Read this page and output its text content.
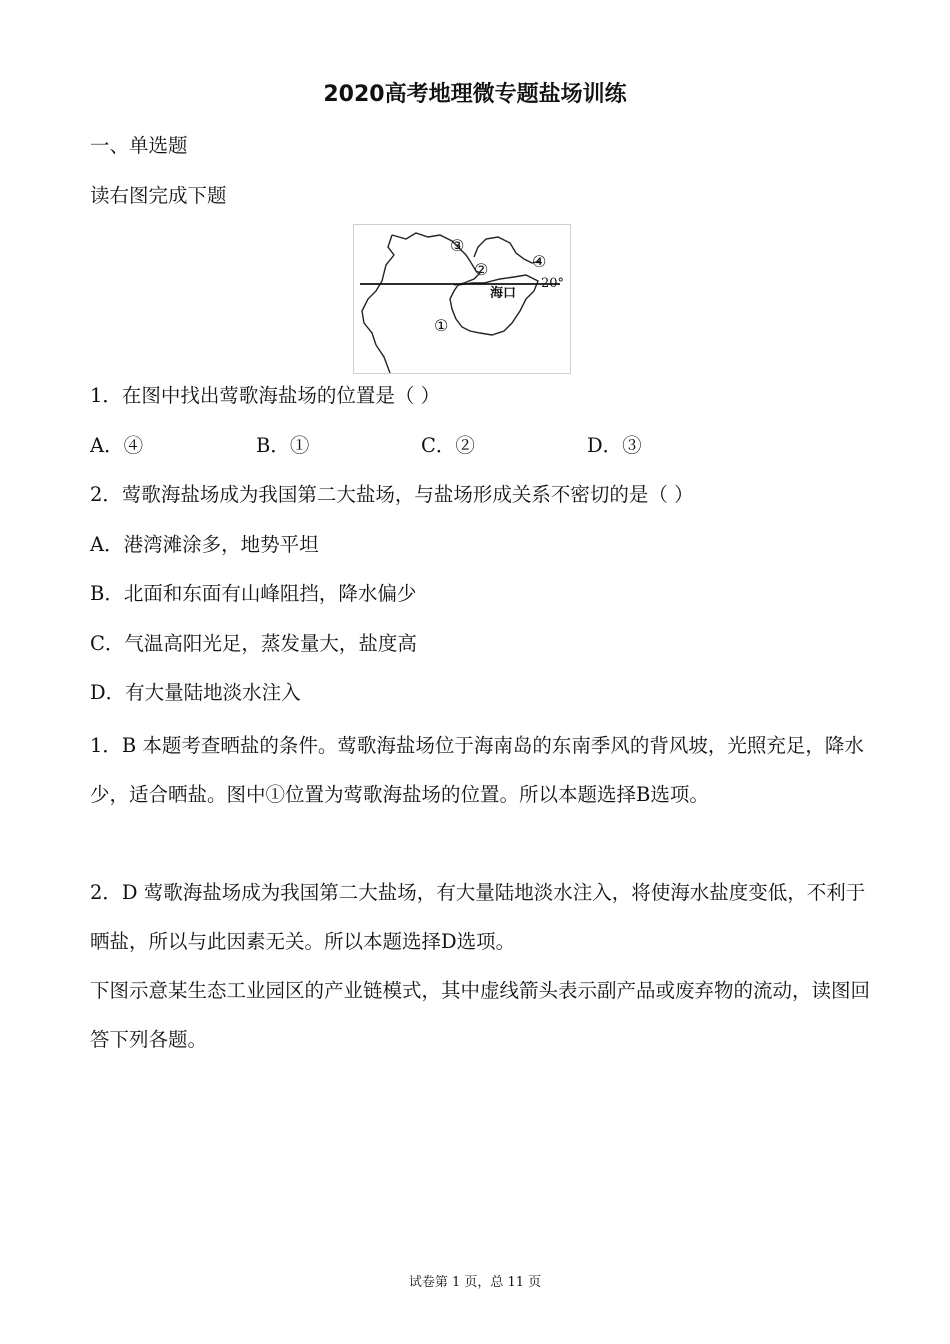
2020高考地理微专题盐场训练
一、单选题
读右图完成下题
③
②	④
20°
海口
①
1．在图中找出莺歌海盐场的位置是（ ）
A．④	B．①	C．②	D．③
2．莺歌海盐场成为我国第二大盐场，与盐场形成关系不密切的是（ ）
A．港湾滩涂多，地势平坦
B．北面和东面有山峰阻挡，降水偏少
C．气温高阳光足，蒸发量大，盐度高
D．有大量陆地淡水注入
1．B 本题考查晒盐的条件。莺歌海盐场位于海南岛的东南季风的背风坡，光照充足，降水少，适合晒盐。图中①位置为莺歌海盐场的位置。所以本题选择B选项。
2．D 莺歌海盐场成为我国第二大盐场，有大量陆地淡水注入，将使海水盐度变低，不利于晒盐，所以与此因素无关。所以本题选择D选项。
下图示意某生态工业园区的产业链模式，其中虚线箭头表示副产品或废弃物的流动，读图回答下列各题。
试卷第 1 页，总 11 页
